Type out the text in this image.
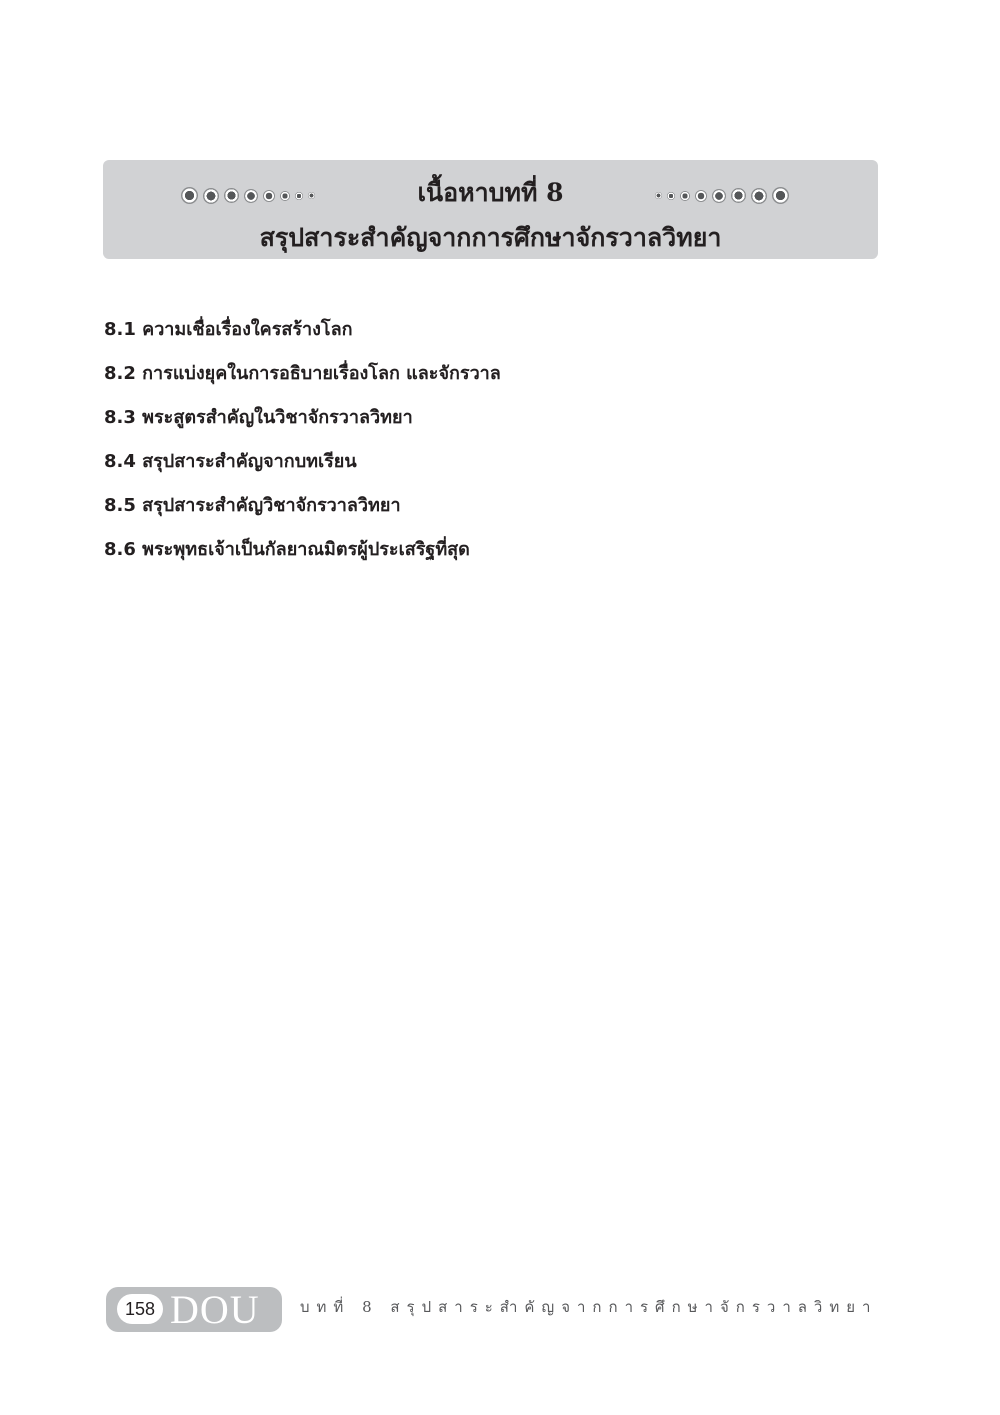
เนื้อหาบทที่ 8
สรุปสาระสำคัญจากการศึกษาจักรวาลวิทยา
8.1 ความเชื่อเรื่องใครสร้างโลก
8.2 การแบ่งยุคในการอธิบายเรื่องโลก และจักรวาล
8.3 พระสูตรสำคัญในวิชาจักรวาลวิทยา
8.4 สรุปสาระสำคัญจากบทเรียน
8.5 สรุปสาระสำคัญวิชาจักรวาลวิทยา
8.6 พระพุทธเจ้าเป็นกัลยาณมิตรผู้ประเสริฐที่สุด
158 DOU	บทที่ 8 สรุปสาระสำคัญจากการศึกษาจักรวาลวิทยา
